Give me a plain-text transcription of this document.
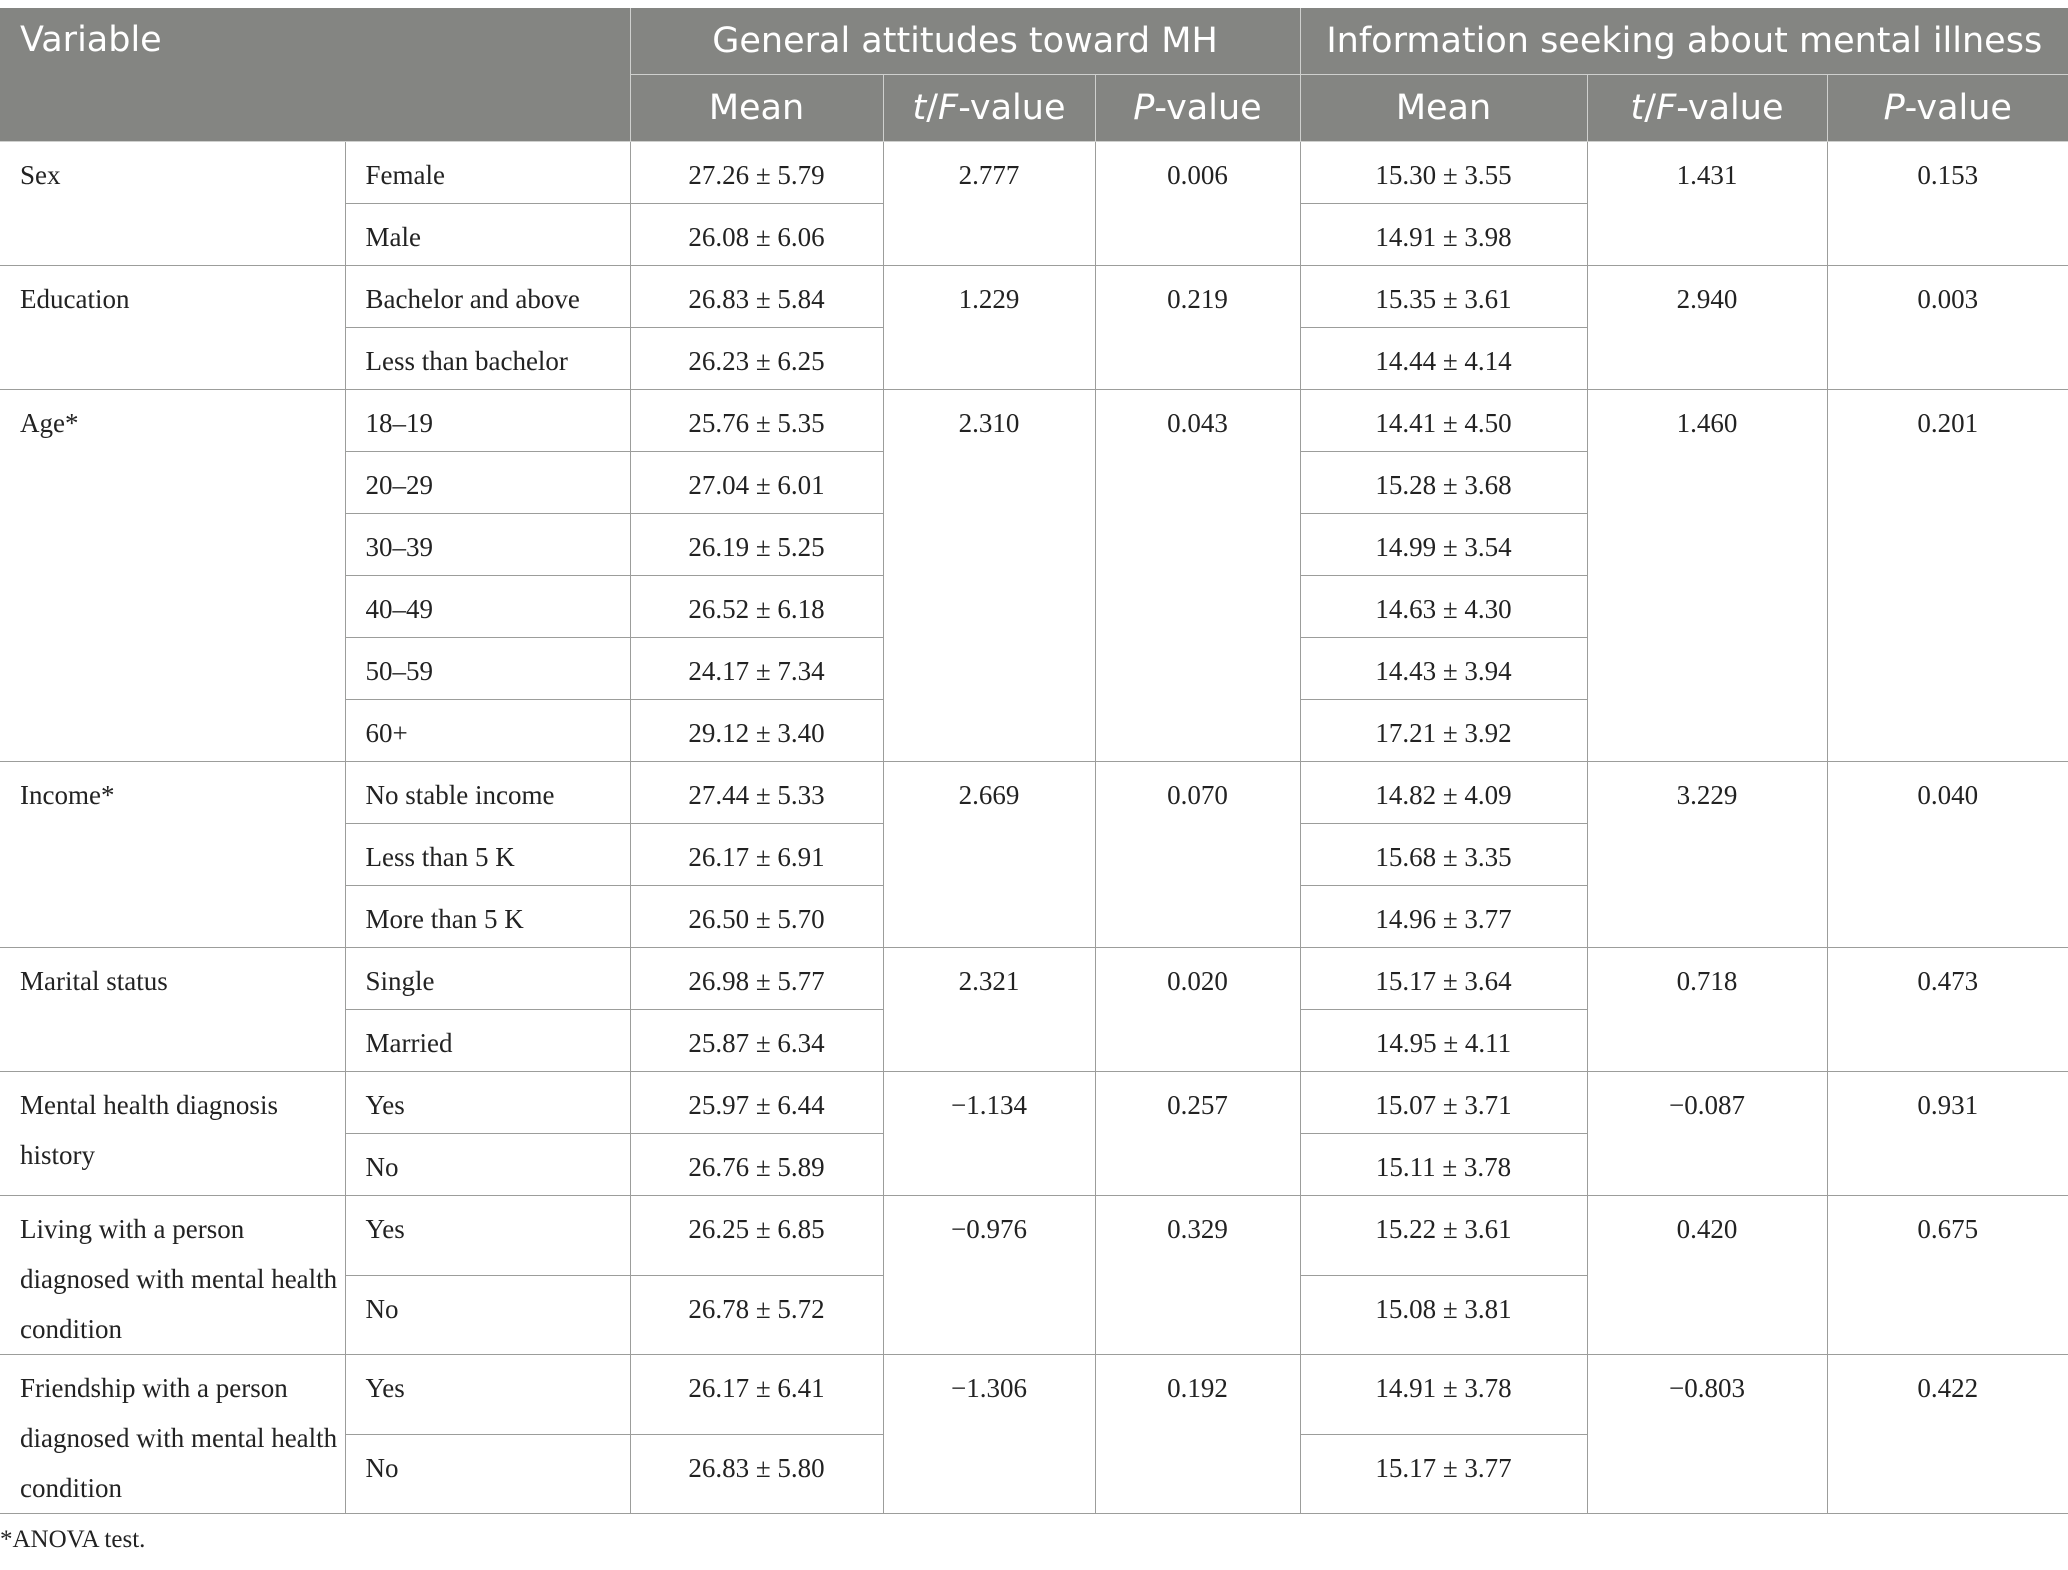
Variable		General attitudes toward MH			Information seeking about mental illness		
		Mean	t/F-value	P-value	Mean	t/F-value	P-value

Sex	Female	27.26 ± 5.79	2.777	0.006	15.30 ± 3.55	1.431	0.153

	Male	26.08 ± 6.06			14.91 ± 3.98		

Education	Bachelor and above	26.83 ± 5.84	1.229	0.219	15.35 ± 3.61	2.940	0.003

	Less than bachelor	26.23 ± 6.25			14.44 ± 4.14		

Age*	18–19	25.76 ± 5.35	2.310	0.043	14.41 ± 4.50	1.460	0.201

	20–29	27.04 ± 6.01			15.28 ± 3.68		

	30–39	26.19 ± 5.25			14.99 ± 3.54		

	40–49	26.52 ± 6.18			14.63 ± 4.30		

	50–59	24.17 ± 7.34			14.43 ± 3.94		

	60+	29.12 ± 3.40			17.21 ± 3.92		

Income*	No stable income	27.44 ± 5.33	2.669	0.070	14.82 ± 4.09	3.229	0.040

	Less than 5 K	26.17 ± 6.91			15.68 ± 3.35		

	More than 5 K	26.50 ± 5.70			14.96 ± 3.77		

Marital status	Single	26.98 ± 5.77	2.321	0.020	15.17 ± 3.64	0.718	0.473

	Married	25.87 ± 6.34			14.95 ± 4.11		

Mental health diagnosis history	Yes	25.97 ± 6.44	−1.134	0.257	15.07 ± 3.71	−0.087	0.931

	No	26.76 ± 5.89			15.11 ± 3.78		

Living with a person diagnosed with mental health condition	Yes	26.25 ± 6.85	−0.976	0.329	15.22 ± 3.61	0.420	0.675

	No	26.78 ± 5.72			15.08 ± 3.81		

Friendship with a person diagnosed with mental health condition	Yes	26.17 ± 6.41	−1.306	0.192	14.91 ± 3.78	−0.803	0.422

	No	26.83 ± 5.80			15.17 ± 3.77		
*ANOVA test.
